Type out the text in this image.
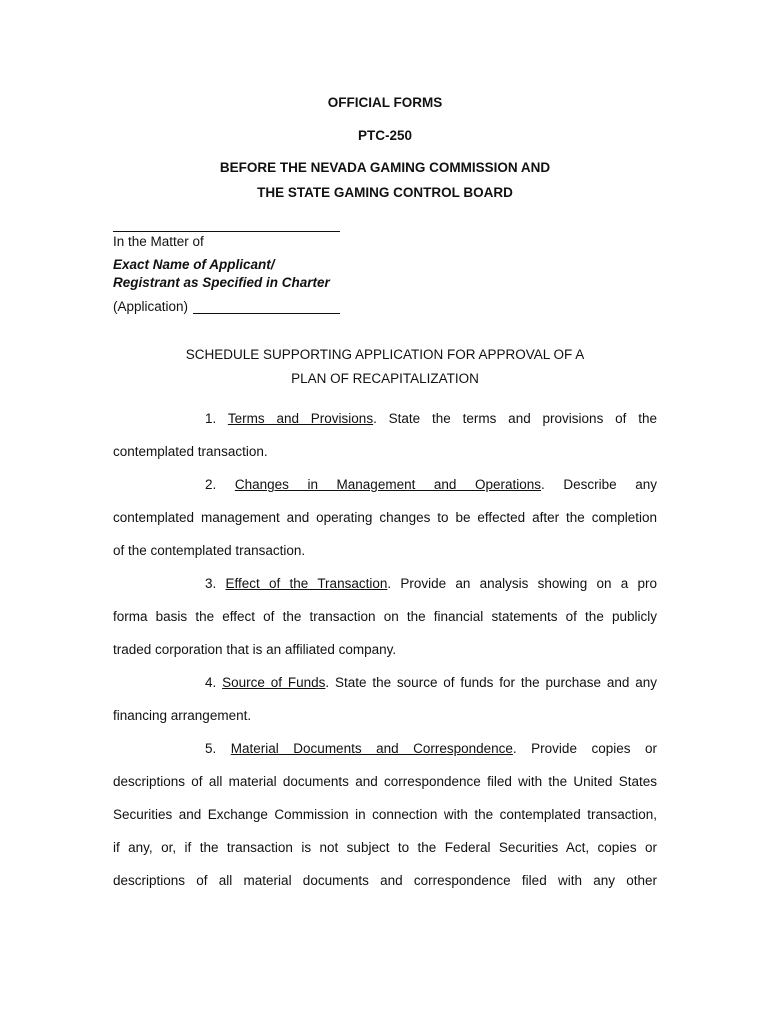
OFFICIAL FORMS
PTC-250
BEFORE THE NEVADA GAMING COMMISSION AND
THE STATE GAMING CONTROL BOARD
In the Matter of
Exact Name of Applicant/
Registrant as Specified in Charter
(Application)
SCHEDULE SUPPORTING APPLICATION FOR APPROVAL OF A
PLAN OF RECAPITALIZATION
1. Terms and Provisions. State the terms and provisions of the
contemplated transaction.
2. Changes in Management and Operations. Describe any
contemplated management and operating changes to be effected after the completion
of the contemplated transaction.
3. Effect of the Transaction. Provide an analysis showing on a pro
forma basis the effect of the transaction on the financial statements of the publicly
traded corporation that is an affiliated company.
4. Source of Funds. State the source of funds for the purchase and any
financing arrangement.
5. Material Documents and Correspondence. Provide copies or
descriptions of all material documents and correspondence filed with the United States
Securities and Exchange Commission in connection with the contemplated transaction,
if any, or, if the transaction is not subject to the Federal Securities Act, copies or
descriptions of all material documents and correspondence filed with any other
